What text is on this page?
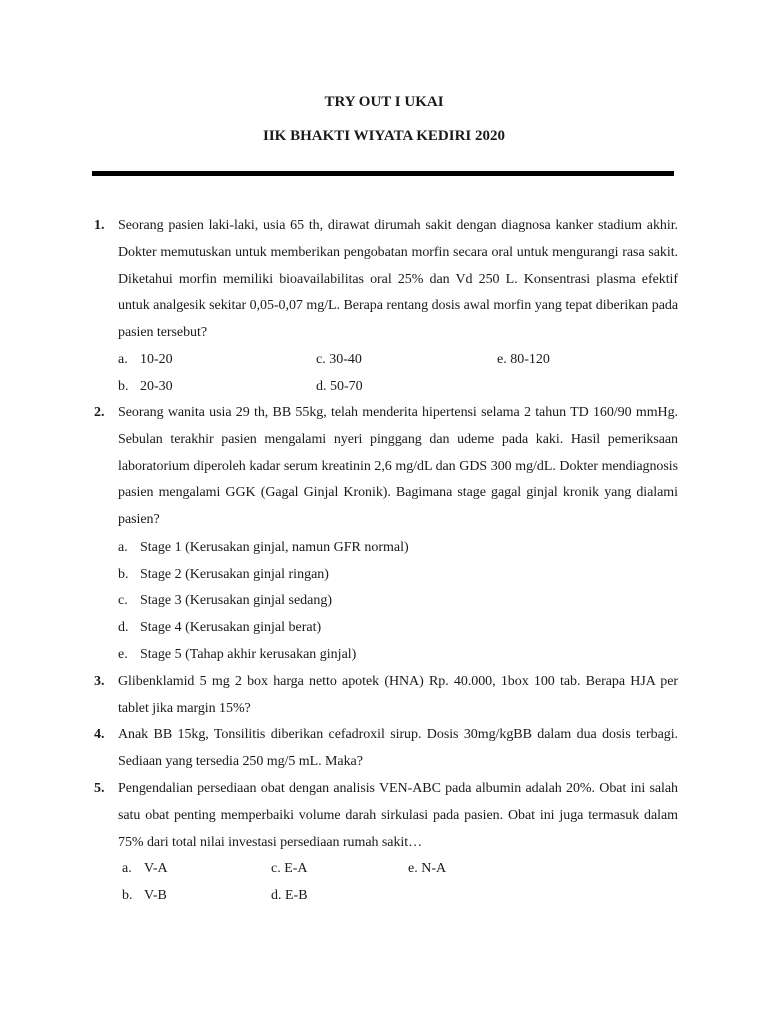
TRY OUT I UKAI
IIK BHAKTI WIYATA KEDIRI 2020
1. Seorang pasien laki-laki, usia 65 th, dirawat dirumah sakit dengan diagnosa kanker stadium akhir. Dokter memutuskan untuk memberikan pengobatan morfin secara oral untuk mengurangi rasa sakit. Diketahui morfin memiliki bioavailabilitas oral 25% dan Vd 250 L. Konsentrasi plasma efektif untuk analgesik sekitar 0,05-0,07 mg/L. Berapa rentang dosis awal morfin yang tepat diberikan pada pasien tersebut?
a. 10-20
b. 20-30
c. 30-40
d. 50-70
e. 80-120
2. Seorang wanita usia 29 th, BB 55kg, telah menderita hipertensi selama 2 tahun TD 160/90 mmHg. Sebulan terakhir pasien mengalami nyeri pinggang dan udeme pada kaki. Hasil pemeriksaan laboratorium diperoleh kadar serum kreatinin 2,6 mg/dL dan GDS 300 mg/dL. Dokter mendiagnosis pasien mengalami GGK (Gagal Ginjal Kronik). Bagimana stage gagal ginjal kronik yang dialami pasien?
a. Stage 1 (Kerusakan ginjal, namun GFR normal)
b. Stage 2 (Kerusakan ginjal ringan)
c. Stage 3 (Kerusakan ginjal sedang)
d. Stage 4 (Kerusakan ginjal berat)
e. Stage 5 (Tahap akhir kerusakan ginjal)
3. Glibenklamid 5 mg 2 box harga netto apotek (HNA) Rp. 40.000, 1box 100 tab. Berapa HJA per tablet jika margin 15%?
4. Anak BB 15kg, Tonsilitis diberikan cefadroxil sirup. Dosis 30mg/kgBB dalam dua dosis terbagi. Sediaan yang tersedia 250 mg/5 mL. Maka?
5. Pengendalian persediaan obat dengan analisis VEN-ABC pada albumin adalah 20%. Obat ini salah satu obat penting memperbaiki volume darah sirkulasi pada pasien. Obat ini juga termasuk dalam 75% dari total nilai investasi persediaan rumah sakit…
a. V-A
b. V-B
c. E-A
d. E-B
e. N-A
